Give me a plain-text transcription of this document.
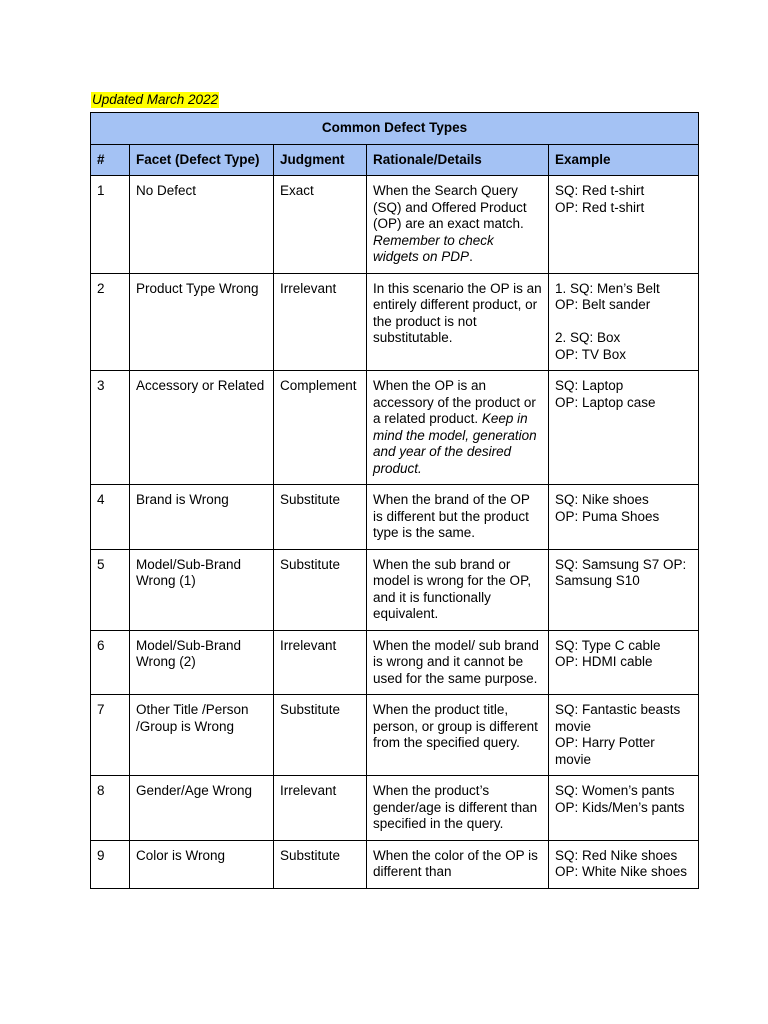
Updated March 2022
Common Defect Types				
#	Facet (Defect Type)	Judgment	Rationale/Details	Example
1	No Defect	Exact	When the Search Query (SQ) and Offered Product (OP) are an exact match. Remember to check widgets on PDP.	SQ: Red t-shirt
OP: Red t-shirt

2	Product Type Wrong	Irrelevant	In this scenario the OP is an entirely different product, or the product is not substitutable.	1. SQ: Men’s Belt
OP: Belt sander
2. SQ: Box
OP: TV Box

3	Accessory or Related	Complement	When the OP is an accessory of the product or a related product. Keep in mind the model, generation and year of the desired product.	SQ: Laptop
OP: Laptop case

4	Brand is Wrong	Substitute	When the brand of the OP is different but the product type is the same.	SQ: Nike shoes
OP: Puma Shoes

5	Model/Sub-Brand Wrong (1)	Substitute	When the sub brand or model is wrong for the OP, and it is functionally equivalent.	SQ: Samsung S7 OP: Samsung S10

6	Model/Sub-Brand Wrong (2)	Irrelevant	When the model/ sub brand is wrong and it cannot be used for the same purpose.	SQ: Type C cable
OP: HDMI cable

7	Other Title /Person /Group is Wrong	Substitute	When the product title, person, or group is different from the specified query.	SQ: Fantastic beasts movie
OP: Harry Potter movie

8	Gender/Age Wrong	Irrelevant	When the product’s gender/age is different than specified in the query.	SQ: Women’s pants
OP: Kids/Men’s pants

9	Color is Wrong	Substitute	When the color of the OP is different than	SQ: Red Nike shoes
OP: White Nike shoes
